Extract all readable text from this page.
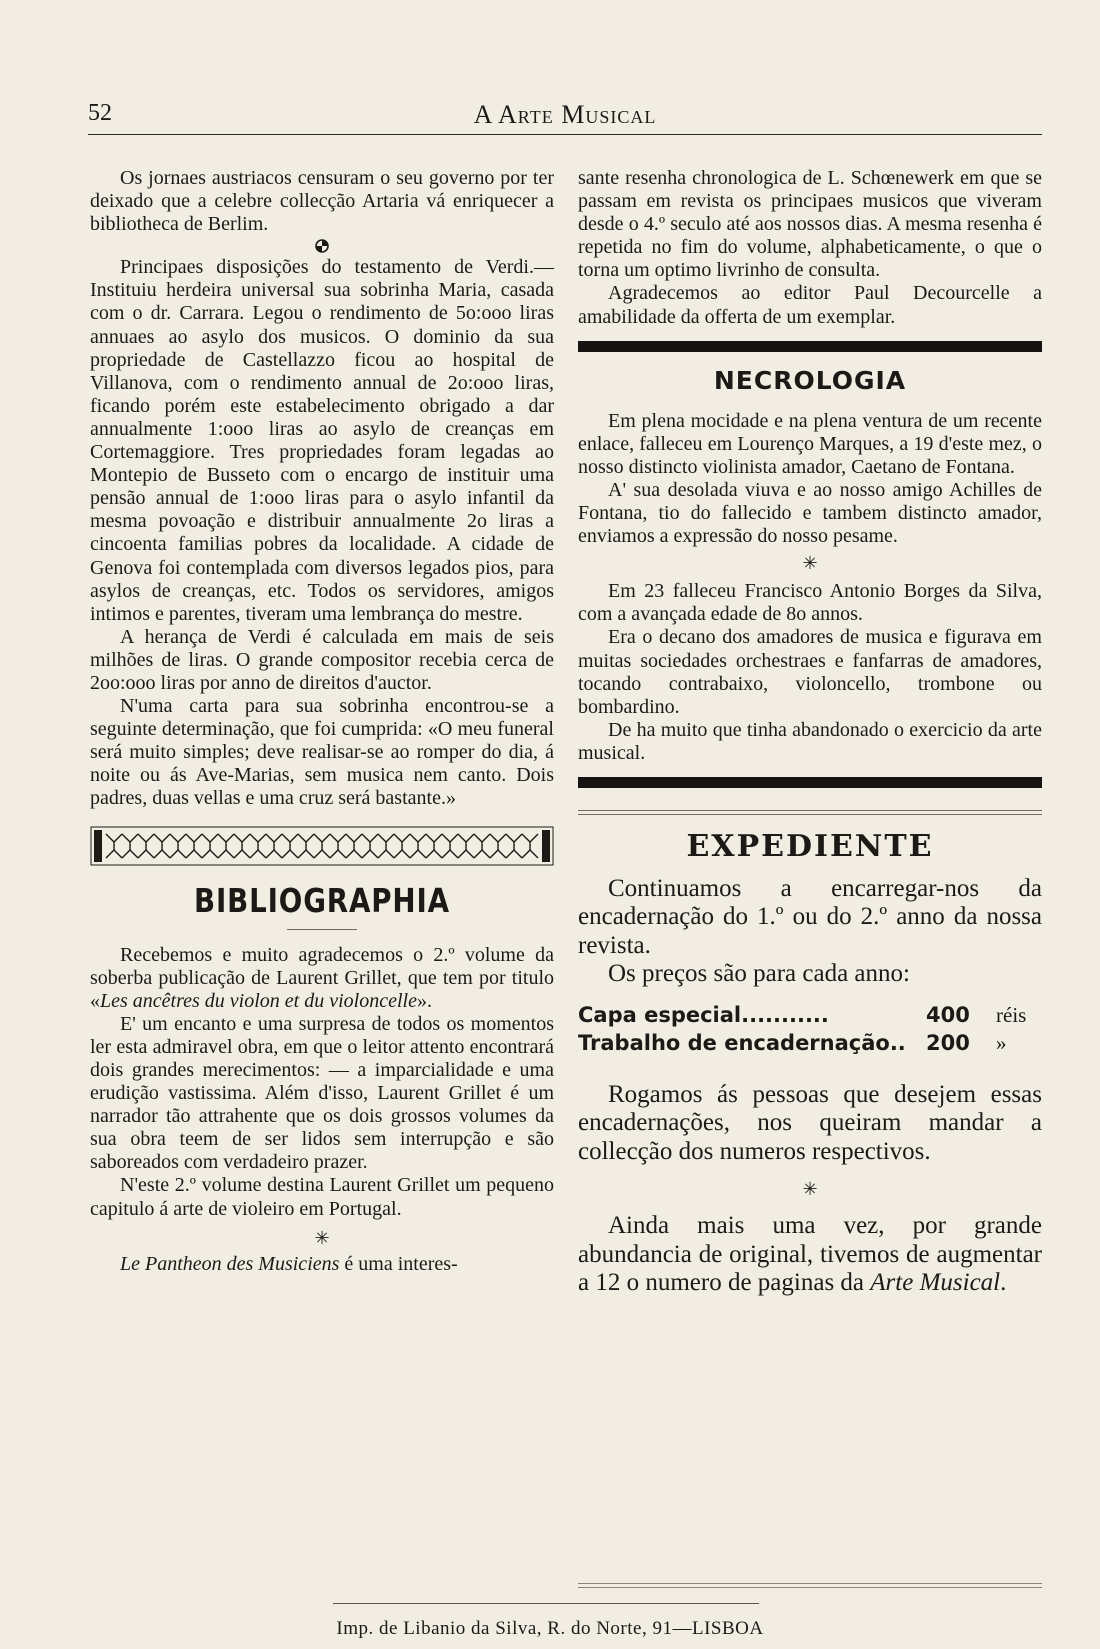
52	A Arte Musical

Os jornaes austriacos censuram o seu governo por ter deixado que a celebre collecção Artaria vá enriquecer a bibliotheca de Berlim.

Principaes disposições do testamento de Verdi.— Instituiu herdeira universal sua sobrinha Maria, casada com o dr. Carrara. Legou o rendimento de 5o:ooo liras annuaes ao asylo dos musicos. O dominio da sua propriedade de Castellazzo ficou ao hospital de Villanova, com o rendimento annual de 2o:ooo liras, ficando porém este estabelecimento obrigado a dar annualmente 1:ooo liras ao asylo de creanças em Cortemaggiore. Tres propriedades foram legadas ao Montepio de Busseto com o encargo de instituir uma pensão annual de 1:ooo liras para o asylo infantil da mesma povoação e distribuir annualmente 2o liras a cincoenta familias pobres da localidade. A cidade de Genova foi contemplada com diversos legados pios, para asylos de creanças, etc. Todos os servidores, amigos intimos e parentes, tiveram uma lembrança do mestre.

A herança de Verdi é calculada em mais de seis milhões de liras. O grande compositor recebia cerca de 2oo:ooo liras por anno de direitos d'auctor.

N'uma carta para sua sobrinha encontrou-se a seguinte determinação, que foi cumprida: «O meu funeral será muito simples; deve realisar-se ao romper do dia, á noite ou ás Ave-Marias, sem musica nem canto. Dois padres, duas vellas e uma cruz será bastante.»

BIBLIOGRAPHIA

Recebemos e muito agradecemos o 2.º volume da soberba publicação de Laurent Grillet, que tem por titulo «Les ancêtres du violon et du violoncelle».

E' um encanto e uma surpresa de todos os momentos ler esta admiravel obra, em que o leitor attento encontrará dois grandes merecimentos: — a imparcialidade e uma erudição vastissima. Além d'isso, Laurent Grillet é um narrador tão attrahente que os dois grossos volumes da sua obra teem de ser lidos sem interrupção e são saboreados com verdadeiro prazer.

N'este 2.º volume destina Laurent Grillet um pequeno capitulo á arte de violeiro em Portugal.

✳

Le Pantheon des Musiciens é uma interes-

sante resenha chronologica de L. Schœnewerk em que se passam em revista os principaes musicos que viveram desde o 4.º seculo até aos nossos dias. A mesma resenha é repetida no fim do volume, alphabeticamente, o que o torna um optimo livrinho de consulta.

Agradecemos ao editor Paul Decourcelle a amabilidade da offerta de um exemplar.

NECROLOGIA

Em plena mocidade e na plena ventura de um recente enlace, falleceu em Lourenço Marques, a 19 d'este mez, o nosso distincto violinista amador, Caetano de Fontana.

A' sua desolada viuva e ao nosso amigo Achilles de Fontana, tio do fallecido e tambem distincto amador, enviamos a expressão do nosso pesame.

✳

Em 23 falleceu Francisco Antonio Borges da Silva, com a avançada edade de 8o annos.

Era o decano dos amadores de musica e figurava em muitas sociedades orchestraes e fanfarras de amadores, tocando contrabaixo, violoncello, trombone ou bombardino.

De ha muito que tinha abandonado o exercicio da arte musical.

EXPEDIENTE

Continuamos a encarregar-nos da encadernação do 1.º ou do 2.º anno da nossa revista.

Os preços são para cada anno:

Capa especial...........	400	réis
Trabalho de encadernação.. 200	»

Rogamos ás pessoas que desejem essas encadernações, nos queiram mandar a collecção dos numeros respectivos.

✳

Ainda mais uma vez, por grande abundancia de original, tivemos de augmentar a 12 o numero de paginas da Arte Musical.

Imp. de Libanio da Silva, R. do Norte, 91—LISBOA
